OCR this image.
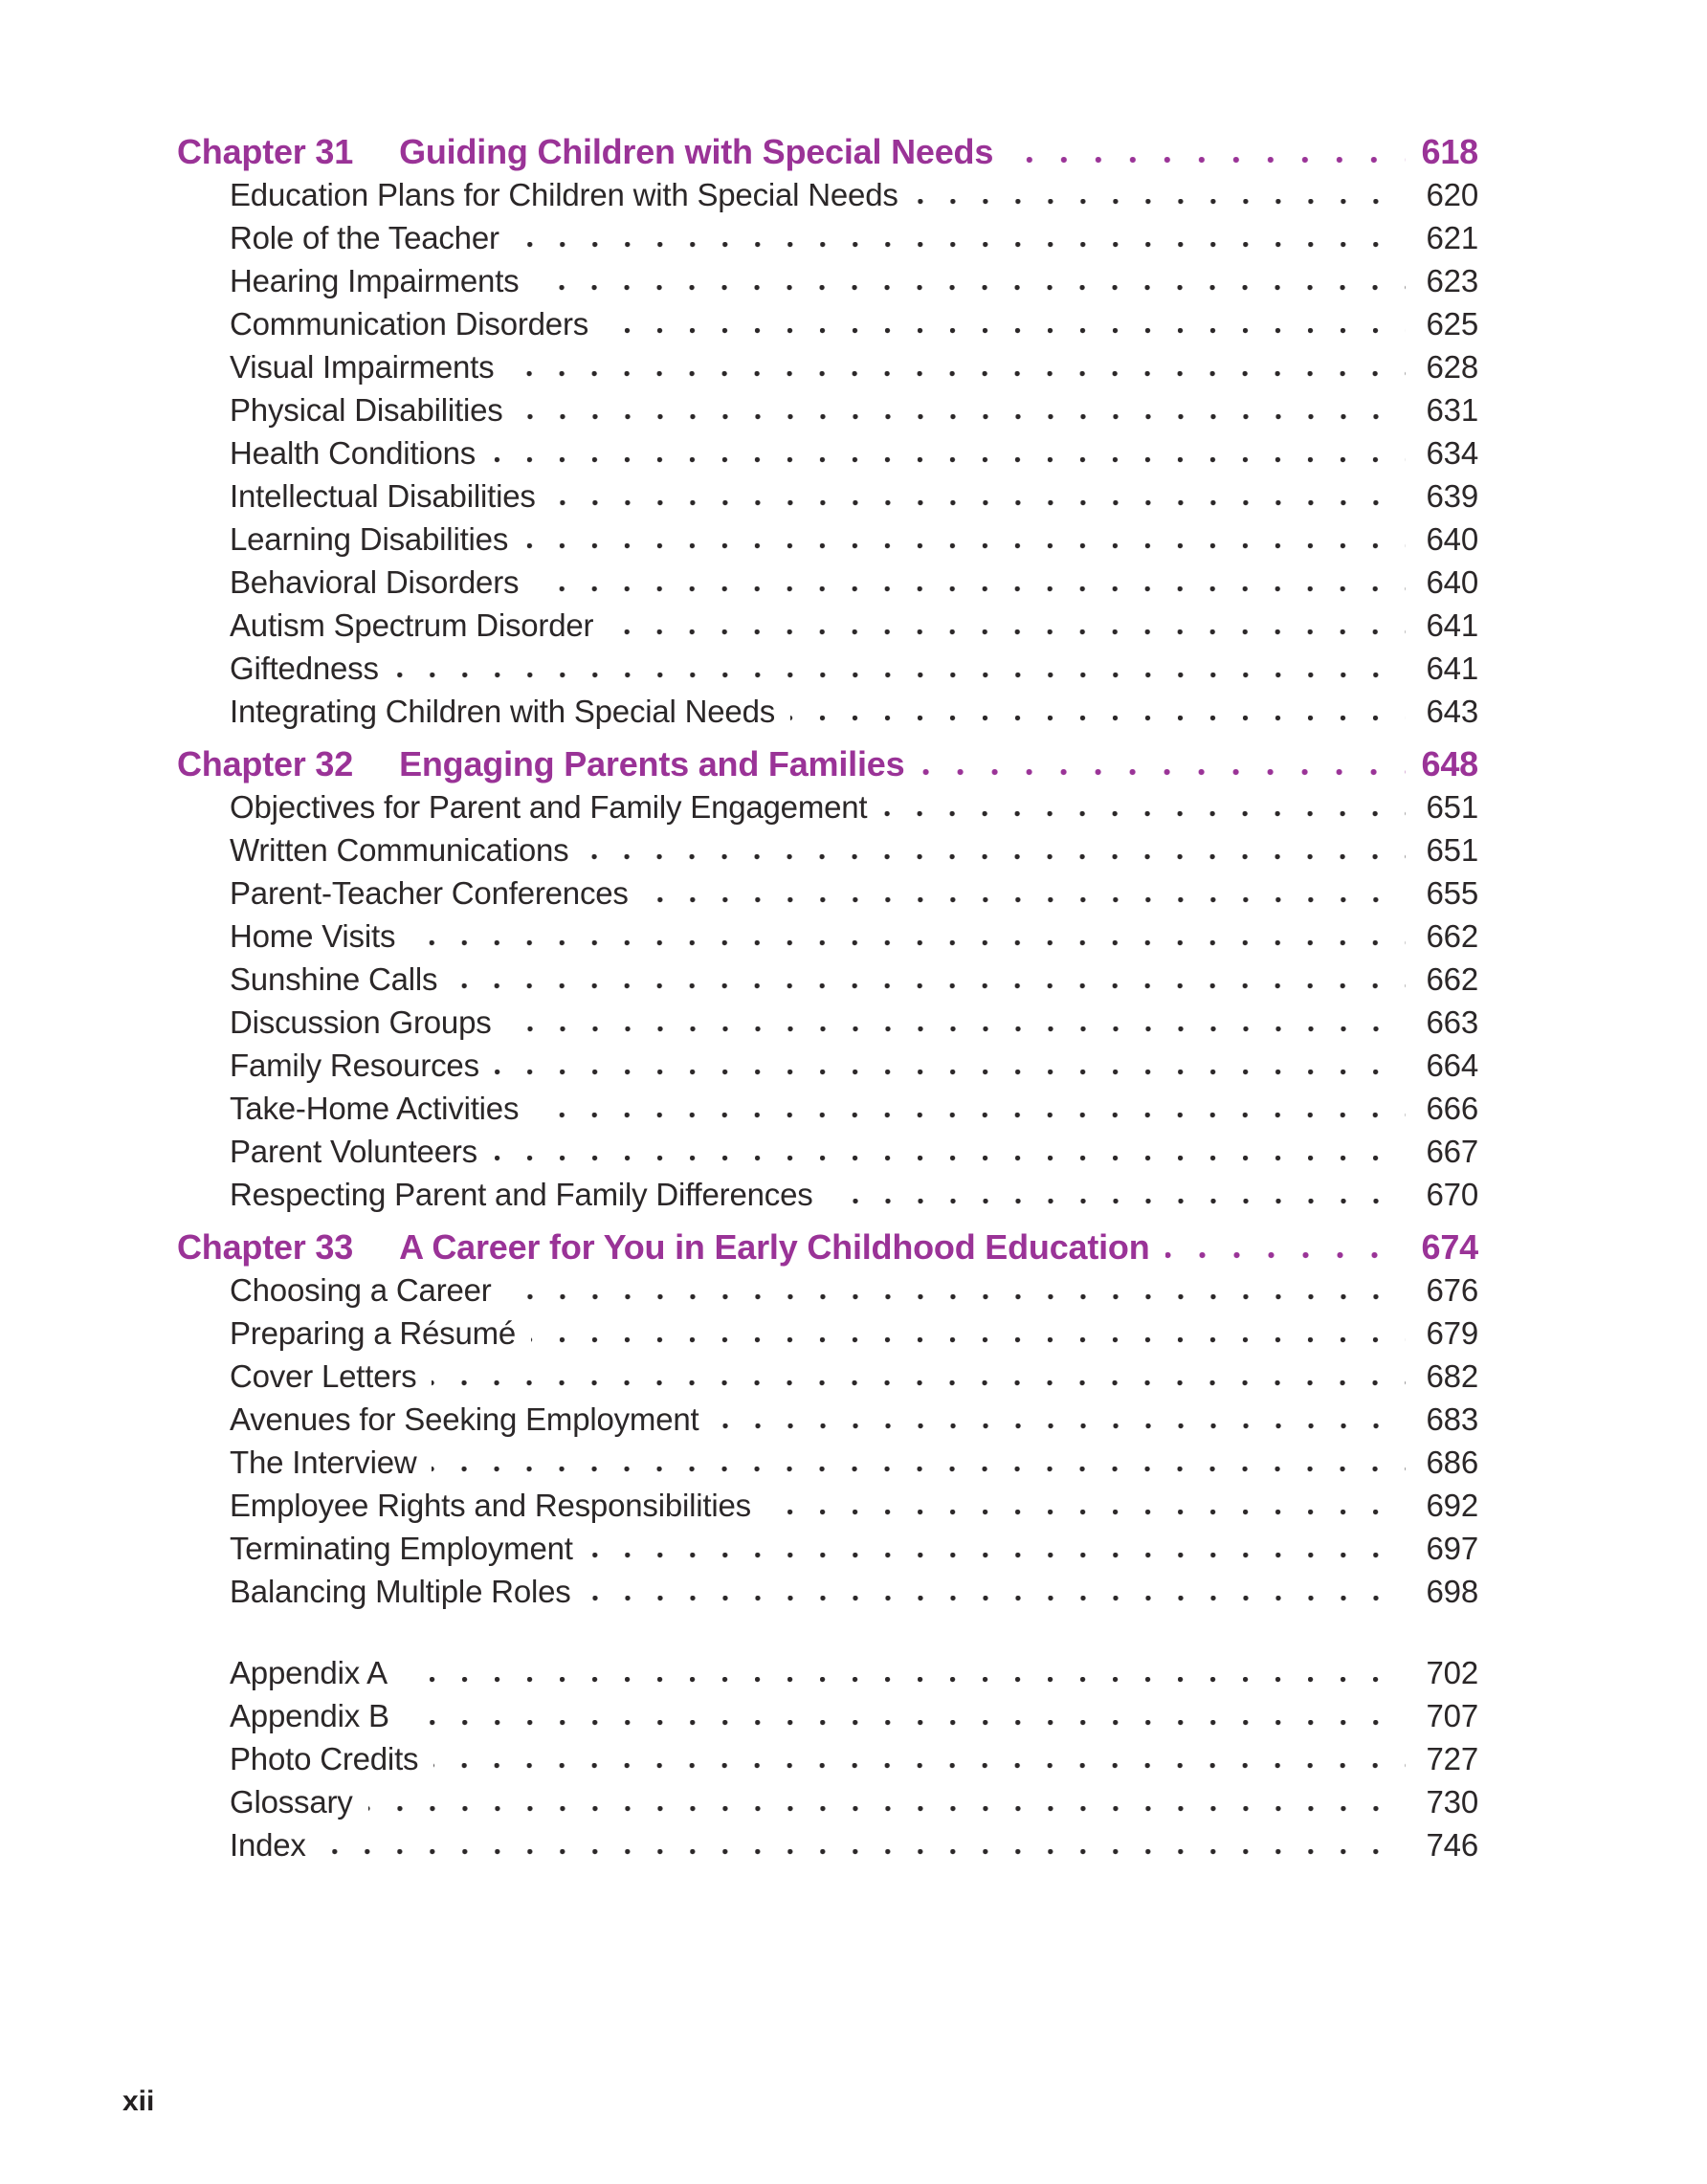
Chapter 31 Guiding Children with Special Needs	618
Education Plans for Children with Special Needs	620
Role of the Teacher	621
Hearing Impairments	623
Communication Disorders	625
Visual Impairments	628
Physical Disabilities	631
Health Conditions	634
Intellectual Disabilities	639
Learning Disabilities	640
Behavioral Disorders	640
Autism Spectrum Disorder	641
Giftedness	641
Integrating Children with Special Needs	643
Chapter 32 Engaging Parents and Families	648
Objectives for Parent and Family Engagement	651
Written Communications	651
Parent-Teacher Conferences	655
Home Visits	662
Sunshine Calls	662
Discussion Groups	663
Family Resources	664
Take-Home Activities	666
Parent Volunteers	667
Respecting Parent and Family Differences	670
Chapter 33 A Career for You in Early Childhood Education	674
Choosing a Career	676
Preparing a Résumé	679
Cover Letters	682
Avenues for Seeking Employment	683
The Interview	686
Employee Rights and Responsibilities	692
Terminating Employment	697
Balancing Multiple Roles	698
Appendix A	702
Appendix B	707
Photo Credits	727
Glossary	730
Index	746
xii
